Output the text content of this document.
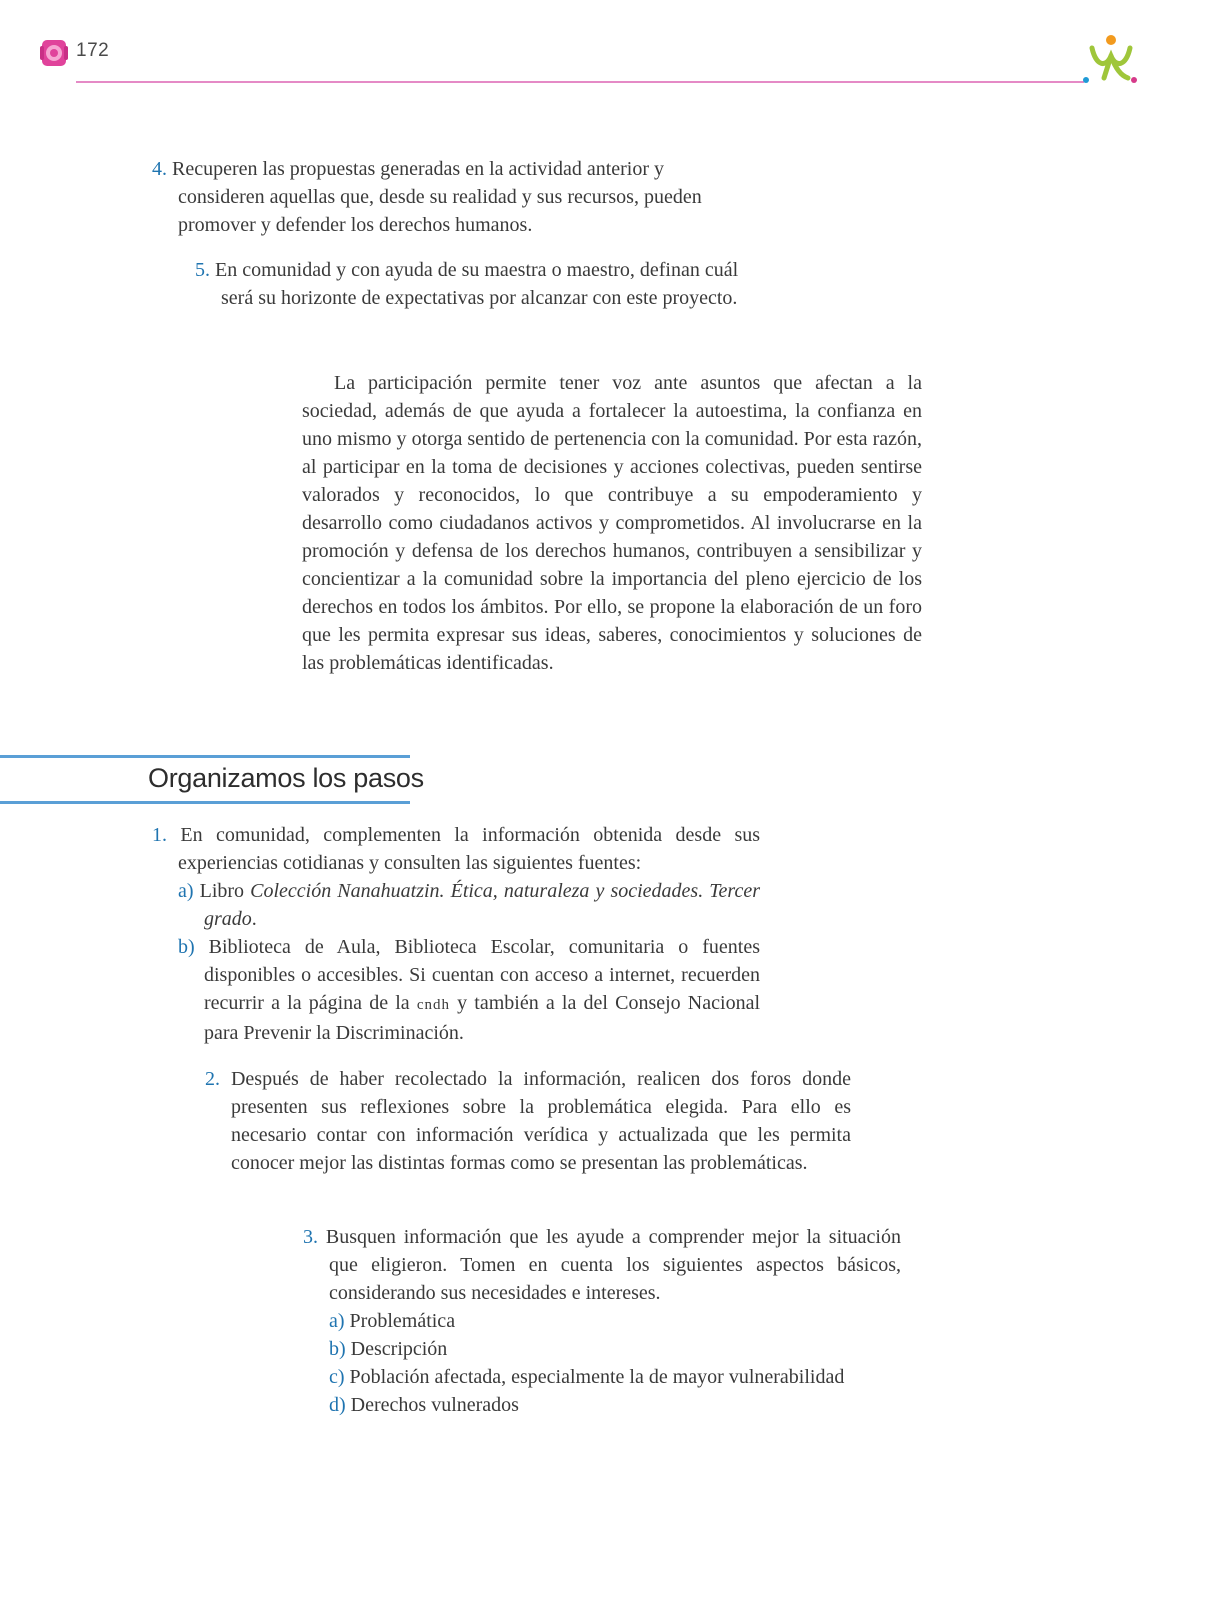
172
4. Recuperen las propuestas generadas en la actividad anterior y consideren aquellas que, desde su realidad y sus recursos, pueden promover y defender los derechos humanos.
5. En comunidad y con ayuda de su maestra o maestro, definan cuál será su horizonte de expectativas por alcanzar con este proyecto.
La participación permite tener voz ante asuntos que afectan a la sociedad, además de que ayuda a fortalecer la autoestima, la confianza en uno mismo y otorga sentido de pertenencia con la comunidad. Por esta razón, al participar en la toma de decisiones y acciones colectivas, pueden sentirse valorados y reconocidos, lo que contribuye a su empoderamiento y desarrollo como ciudadanos activos y comprometidos. Al involucrarse en la promoción y defensa de los derechos humanos, contribuyen a sensibilizar y concientizar a la comunidad sobre la importancia del pleno ejercicio de los derechos en todos los ámbitos. Por ello, se propone la elaboración de un foro que les permita expresar sus ideas, saberes, conocimientos y soluciones de las problemáticas identificadas.
Organizamos los pasos
1. En comunidad, complementen la información obtenida desde sus experiencias cotidianas y consulten las siguientes fuentes:
a) Libro Colección Nanahuatzin. Ética, naturaleza y sociedades. Tercer grado.
b) Biblioteca de Aula, Biblioteca Escolar, comunitaria o fuentes disponibles o accesibles. Si cuentan con acceso a internet, recuerden recurrir a la página de la cndh y también a la del Consejo Nacional para Prevenir la Discriminación.
2. Después de haber recolectado la información, realicen dos foros donde presenten sus reflexiones sobre la problemática elegida. Para ello es necesario contar con información verídica y actualizada que les permita conocer mejor las distintas formas como se presentan las problemáticas.
3. Busquen información que les ayude a comprender mejor la situación que eligieron. Tomen en cuenta los siguientes aspectos básicos, considerando sus necesidades e intereses.
a) Problemática
b) Descripción
c) Población afectada, especialmente la de mayor vulnerabilidad
d) Derechos vulnerados
